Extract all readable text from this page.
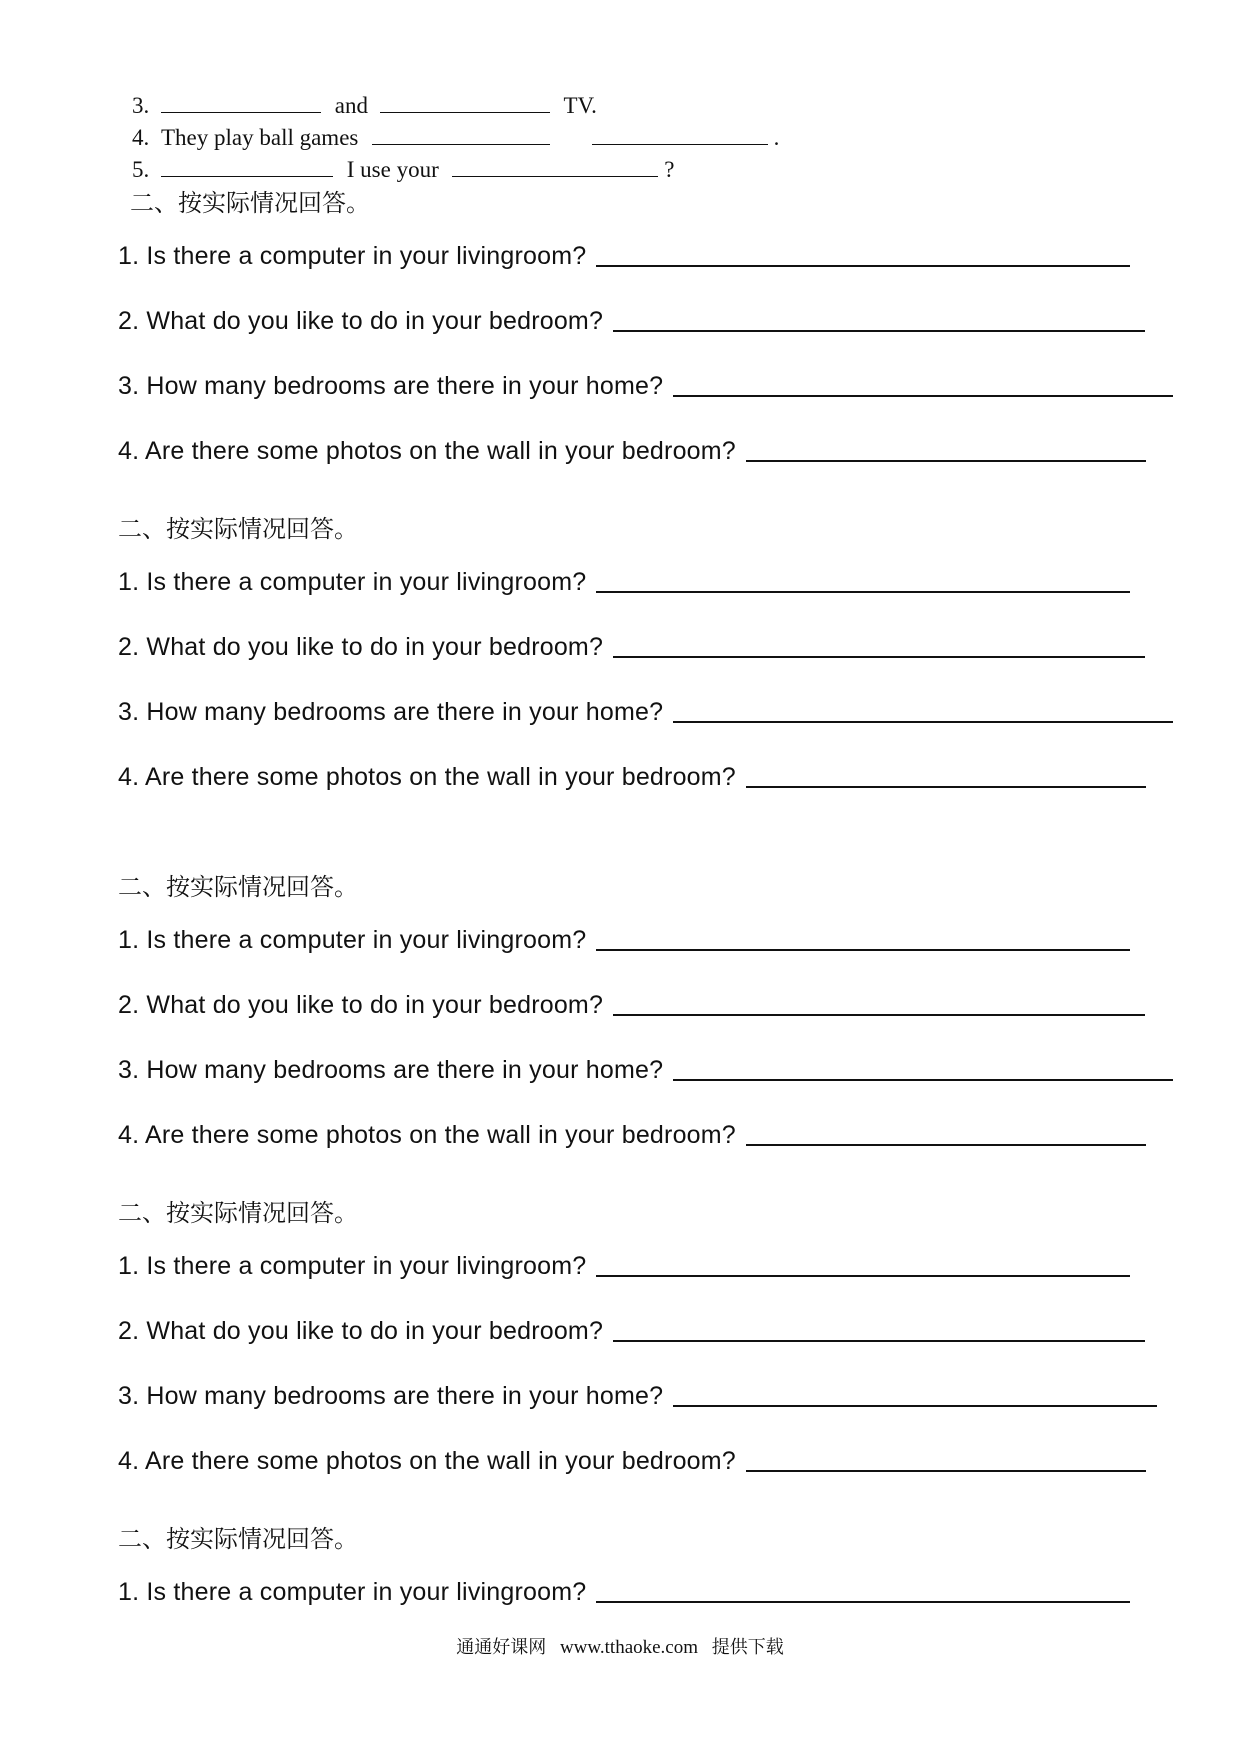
3.	and	TV.
4. They play ball games	.
5.	I use your	?
二、按实际情况回答。
1. Is there a computer in your livingroom?
2. What do you like to do in your bedroom?
3. How many bedrooms are there in your home?
4. Are there some photos on the wall in your bedroom?
二、按实际情况回答。
1. Is there a computer in your livingroom?
2. What do you like to do in your bedroom?
3. How many bedrooms are there in your home?
4. Are there some photos on the wall in your bedroom?
二、按实际情况回答。
1. Is there a computer in your livingroom?
2. What do you like to do in your bedroom?
3. How many bedrooms are there in your home?
4. Are there some photos on the wall in your bedroom?
二、按实际情况回答。
1. Is there a computer in your livingroom?
2. What do you like to do in your bedroom?
3. How many bedrooms are there in your home?
4. Are there some photos on the wall in your bedroom?
二、按实际情况回答。
1. Is there a computer in your livingroom?
通通好课网 www.tthaoke.com 提供下载
